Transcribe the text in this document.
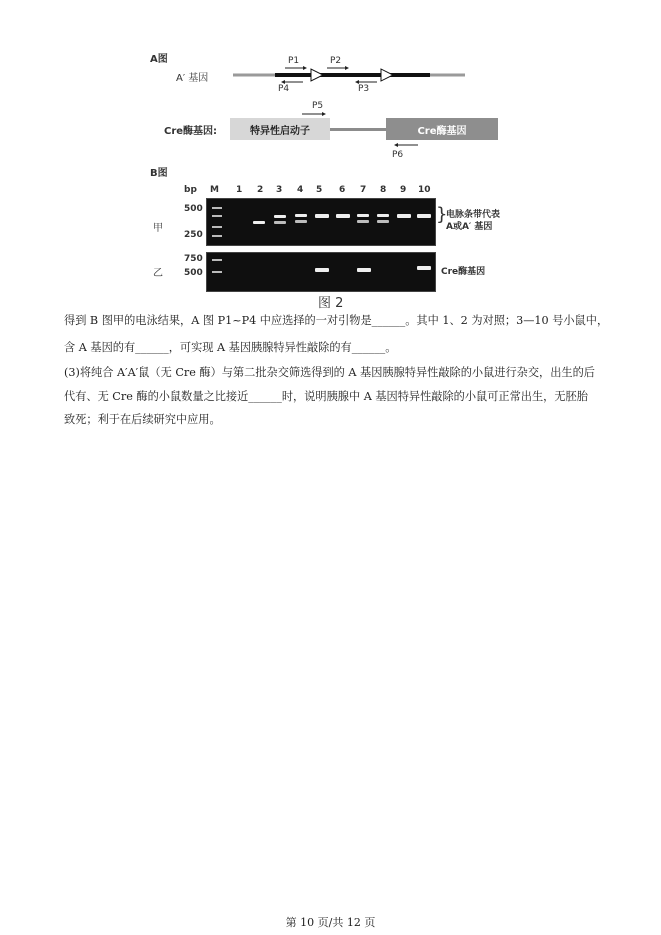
A图
A′ 基因
P1	P2
P3
P4
Cre酶基因:
P5
特异性启动子	Cre酶基因
P6
B图
bp M 1 2 3 4 5 6 7 8 9 10
甲
500
250
}
电脉条带代表
A或A′ 基因
乙
750
500	Cre酶基因
图 2
得到 B 图甲的电泳结果，A 图 P1~P4 中应选择的一对引物是______。其中 1、2 为对照；3—10 号小鼠中，
含 A 基因的有______，可实现 A 基因胰腺特异性敲除的有______。
(3)将纯合 A′A′鼠（无 Cre 酶）与第二批杂交筛选得到的 A 基因胰腺特异性敲除的小鼠进行杂交，出生的后
代有、无 Cre 酶的小鼠数量之比接近______时，说明胰腺中 A 基因特异性敲除的小鼠可正常出生，无胚胎
致死；利于在后续研究中应用。
第 10 页/共 12 页
